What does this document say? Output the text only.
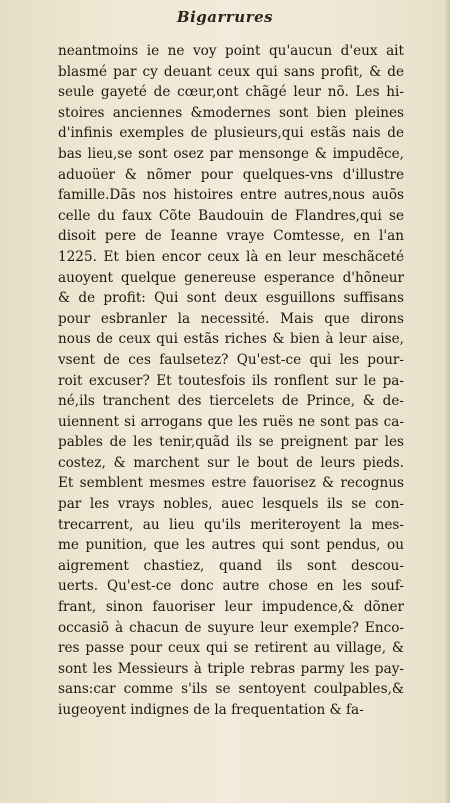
Bigarrures
neantmoins ie ne voy point qu'aucun d'eux ait
blasmé par cy deuant ceux qui sans profit, & de
seule gayeté de cœur,ont chãgé leur nõ. Les hi-
stoires anciennes &modernes sont bien pleines
d'infinis exemples de plusieurs,qui estãs nais de
bas lieu,se sont osez par mensonge & impudẽce,
aduoüer & nõmer pour quelques-vns d'illustre
famille.Dãs nos histoires entre autres,nous auõs
celle du faux Cõte Baudouin de Flandres,qui se
disoit pere de Ieanne vraye Comtesse, en l'an
1225. Et bien encor ceux là en leur meschãceté
auoyent quelque genereuse esperance d'hõneur
& de profit: Qui sont deux esguillons suffisans
pour esbranler la necessité. Mais que dirons
nous de ceux qui estãs riches & bien à leur aise,
vsent de ces faulsetez? Qu'est-ce qui les pour-
roit excuser? Et toutesfois ils ronflent sur le pa-
né,ils tranchent des tiercelets de Prince, & de-
uiennent si arrogans que les ruës ne sont pas ca-
pables de les tenir,quãd ils se preignent par les
costez, & marchent sur le bout de leurs pieds.
Et semblent mesmes estre fauorisez & recognus
par les vrays nobles, auec lesquels ils se con-
trecarrent, au lieu qu'ils meriteroyent la mes-
me punition, que les autres qui sont pendus, ou
aigrement chastiez, quand ils sont descou-
uerts. Qu'est-ce donc autre chose en les souf-
frant, sinon fauoriser leur impudence,& dõner
occasiõ à chacun de suyure leur exemple? Enco-
res passe pour ceux qui se retirent au village, &
sont les Messieurs à triple rebras parmy les pay-
sans:car comme s'ils se sentoyent coulpables,&
iugeoyent indignes de la frequentation & fa-
